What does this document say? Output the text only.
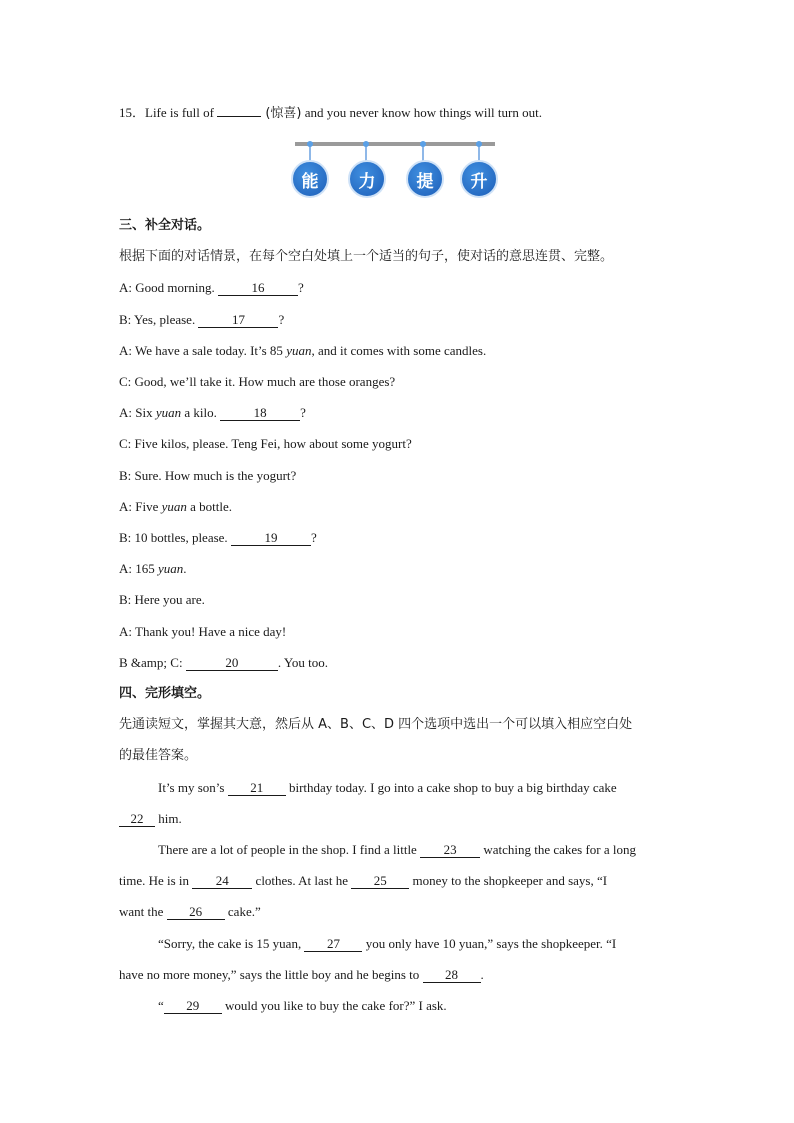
15．Life is full of	(惊喜) and you never know how things will turn out.
能	力	提	升
三、补全对话。
根据下面的对话情景，在每个空白处填上一个适当的句子，使对话的意思连贯、完整。
A: Good morning.	16	?
B: Yes, please.	17	?
A: We have a sale today. It’s 85 yuan, and it comes with some candles.
C: Good, we’ll take it. How much are those oranges?
A: Six yuan a kilo.	18	?
C: Five kilos, please. Teng Fei, how about some yogurt?
B: Sure. How much is the yogurt?
A: Five yuan a bottle.
B: 10 bottles, please.	19	?
A: 165 yuan.
B: Here you are.
A: Thank you! Have a nice day!
B &amp; C:	20	. You too.
四、完形填空。
先通读短文，掌握其大意，然后从 A、B、C、D 四个选项中选出一个可以填入相应空白处
的最佳答案。
It’s my son’s 21 birthday today. I go into a cake shop to buy a big birthday cake
22 him.
There are a lot of people in the shop. I find a little 23 watching the cakes for a long
time. He is in 24 clothes. At last he 25 money to the shopkeeper and says, “I
want the 26 cake.”
“Sorry, the cake is 15 yuan, 27 you only have 10 yuan,” says the shopkeeper. “I
have no more money,” says the little boy and he begins to 28 .
“ 29 would you like to buy the cake for?” I ask.
